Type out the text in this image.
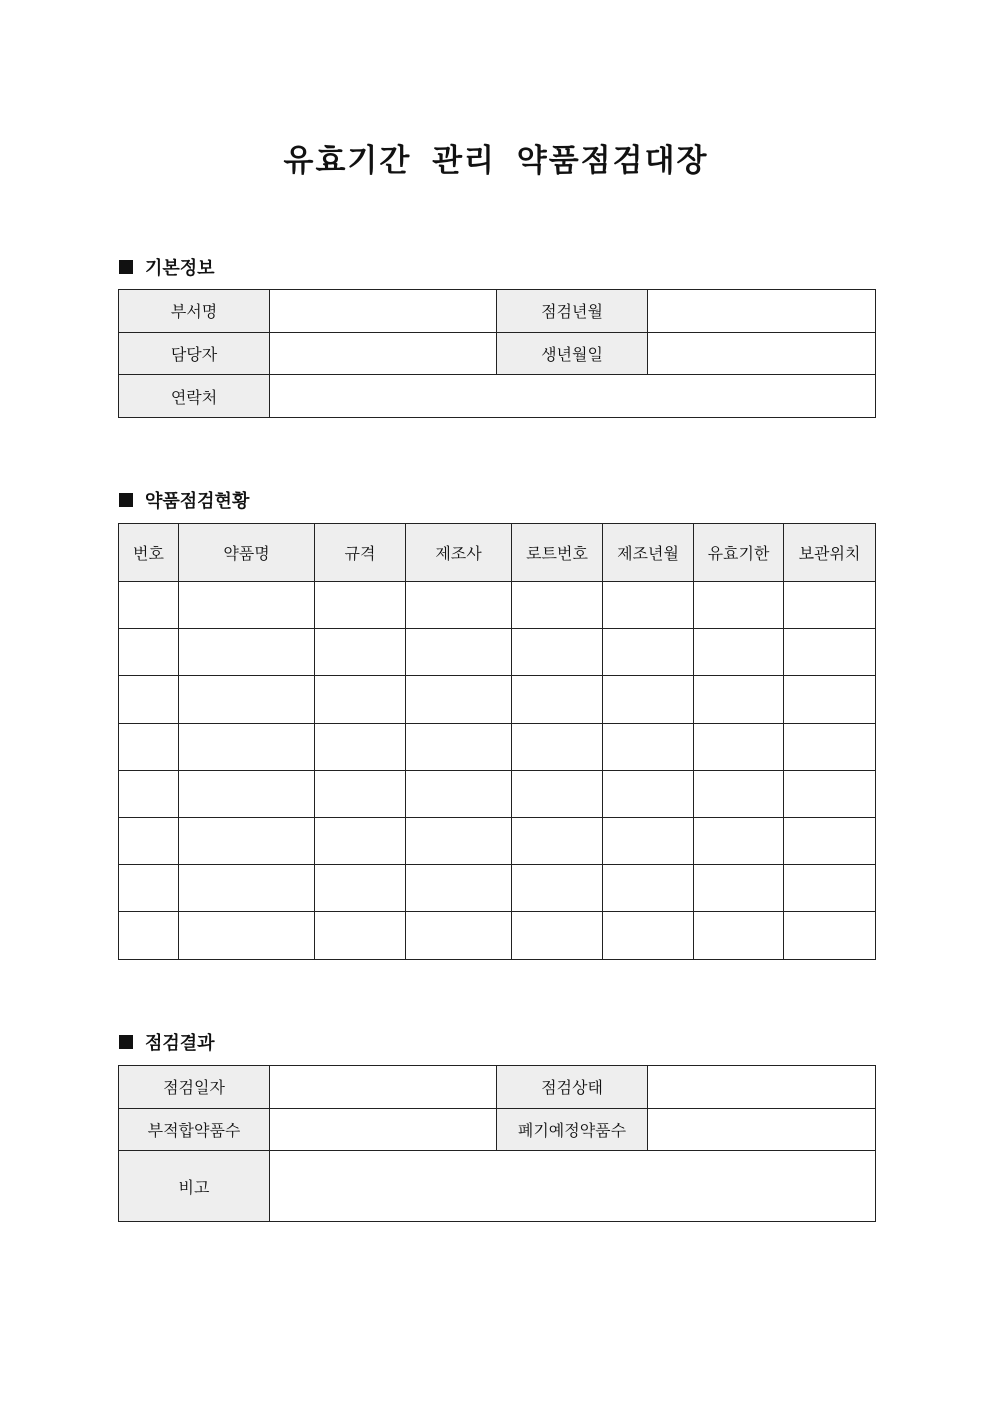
유효기간 관리 약품점검대장
기본정보
부서명		점검년월	
담당자		생년월일	
연락처			
약품점검현황
번호	약품명	규격	제조사	로트번호	제조년월	유효기한	보관위치

점검결과
점검일자		점검상태	
부적합약품수		폐기예정약품수	
비고			
